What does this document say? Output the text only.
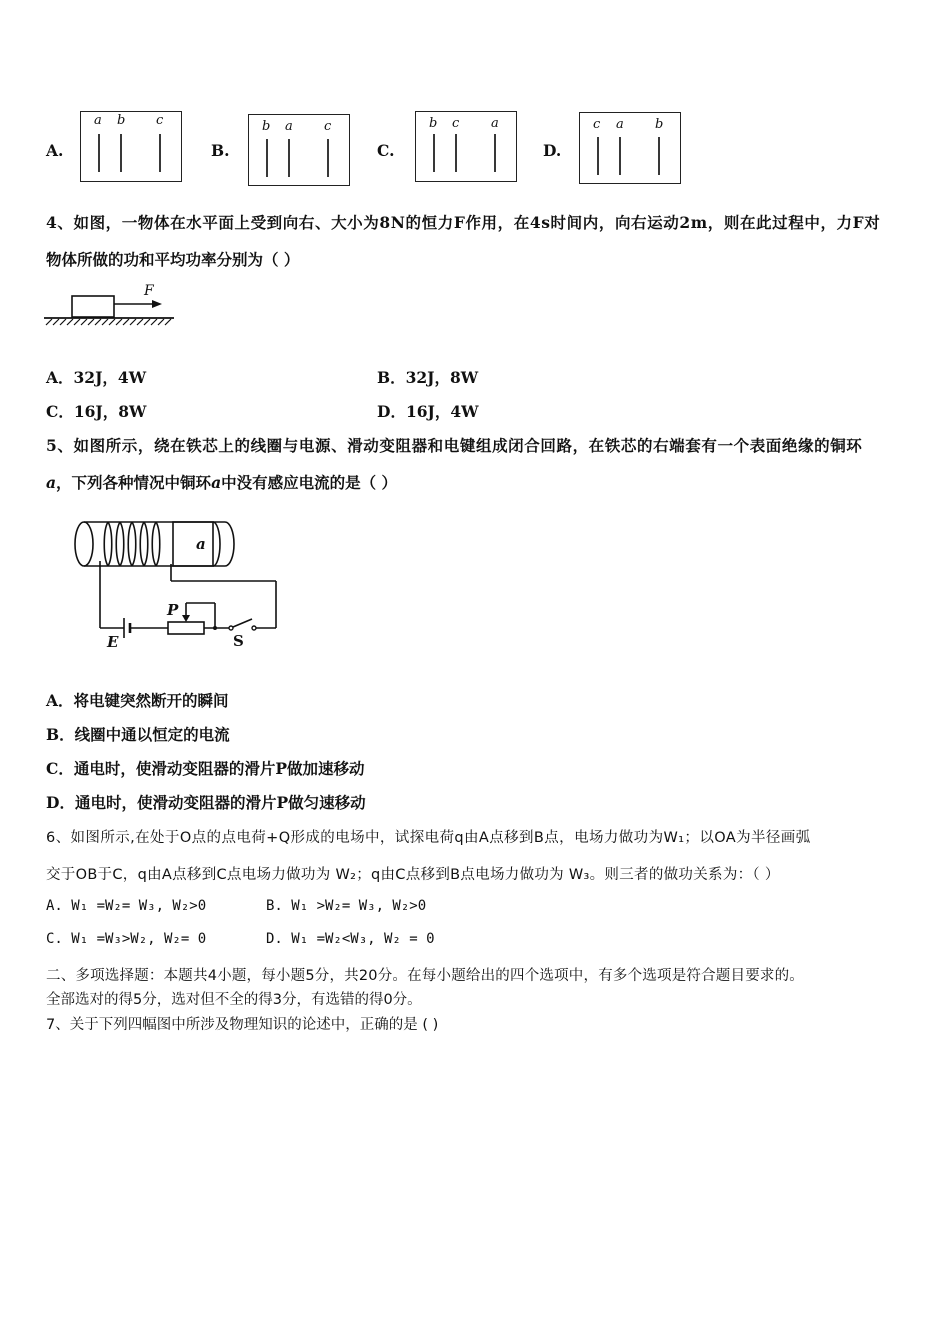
A.
a b c
B.
b a c
C.
b c a
D.
c a b
4、如图，一物体在水平面上受到向右、大小为8N的恒力F作用，在4s时间内，向右运动2m，则在此过程中，力F对
物体所做的功和平均功率分别为（ ）
F
A．32J，4W	B．32J，8W
C．16J，8W	D．16J，4W
5、如图所示，绕在铁芯上的线圈与电源、滑动变阻器和电键组成闭合回路，在铁芯的右端套有一个表面绝缘的铜环
a，下列各种情况中铜环a中没有感应电流的是（ ）
a
P
E	S
A．将电键突然断开的瞬间
B．线圈中通以恒定的电流
C．通电时，使滑动变阻器的滑片P做加速移动
D．通电时，使滑动变阻器的滑片P做匀速移动
6、如图所示,在处于O点的点电荷+Q形成的电场中，试探电荷q由A点移到B点，电场力做功为W₁；以OA为半径画弧
交于OB于C，q由A点移到C点电场力做功为 W₂；q由C点移到B点电场力做功为 W₃。则三者的做功关系为：（ ）
A. W₁ =W₂= W₃, W₂>0	B. W₁ >W₂= W₃, W₂>0
C. W₁ =W₃>W₂, W₂= 0	D. W₁ =W₂<W₃, W₂ = 0
二、多项选择题：本题共4小题，每小题5分，共20分。在每小题给出的四个选项中，有多个选项是符合题目要求的。
全部选对的得5分，选对但不全的得3分，有选错的得0分。
7、关于下列四幅图中所涉及物理知识的论述中，正确的是 ( )
